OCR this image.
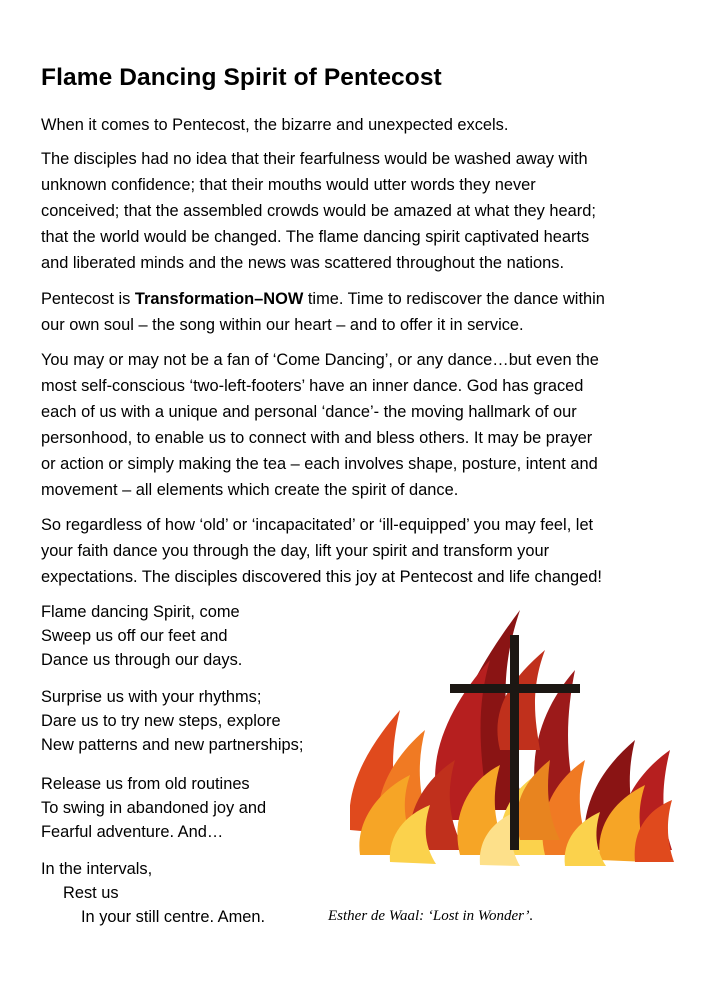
Flame Dancing Spirit of Pentecost

When it comes to Pentecost, the bizarre and unexpected excels.

The disciples had no idea that their fearfulness would be washed away with
unknown confidence; that their mouths would utter words they never
conceived; that the assembled crowds would be amazed at what they heard;
that the world would be changed. The flame dancing spirit captivated hearts
and liberated minds and the news was scattered throughout the nations.

Pentecost is Transformation–NOW time. Time to rediscover the dance within
our own soul – the song within our heart – and to offer it in service.

You may or may not be a fan of ‘Come Dancing’, or any dance…but even the
most self-conscious ‘two-left-footers’ have an inner dance. God has graced
each of us with a unique and personal ‘dance’- the moving hallmark of our
personhood, to enable us to connect with and bless others. It may be prayer
or action or simply making the tea – each involves shape, posture, intent and
movement – all elements which create the spirit of dance.

So regardless of how ‘old’ or ‘incapacitated’ or ‘ill-equipped’ you may feel, let
your faith dance you through the day, lift your spirit and transform your
expectations. The disciples discovered this joy at Pentecost and life changed!

Flame dancing Spirit, come
Sweep us off our feet and
Dance us through our days.
Surprise us with your rhythms;
Dare us to try new steps, explore
New patterns and new partnerships;
Release us from old routines
To swing in abandoned joy and
Fearful adventure. And…
In the intervals,
Rest us
In your still centre. Amen.	Esther de Waal: ‘Lost in Wonder’.
